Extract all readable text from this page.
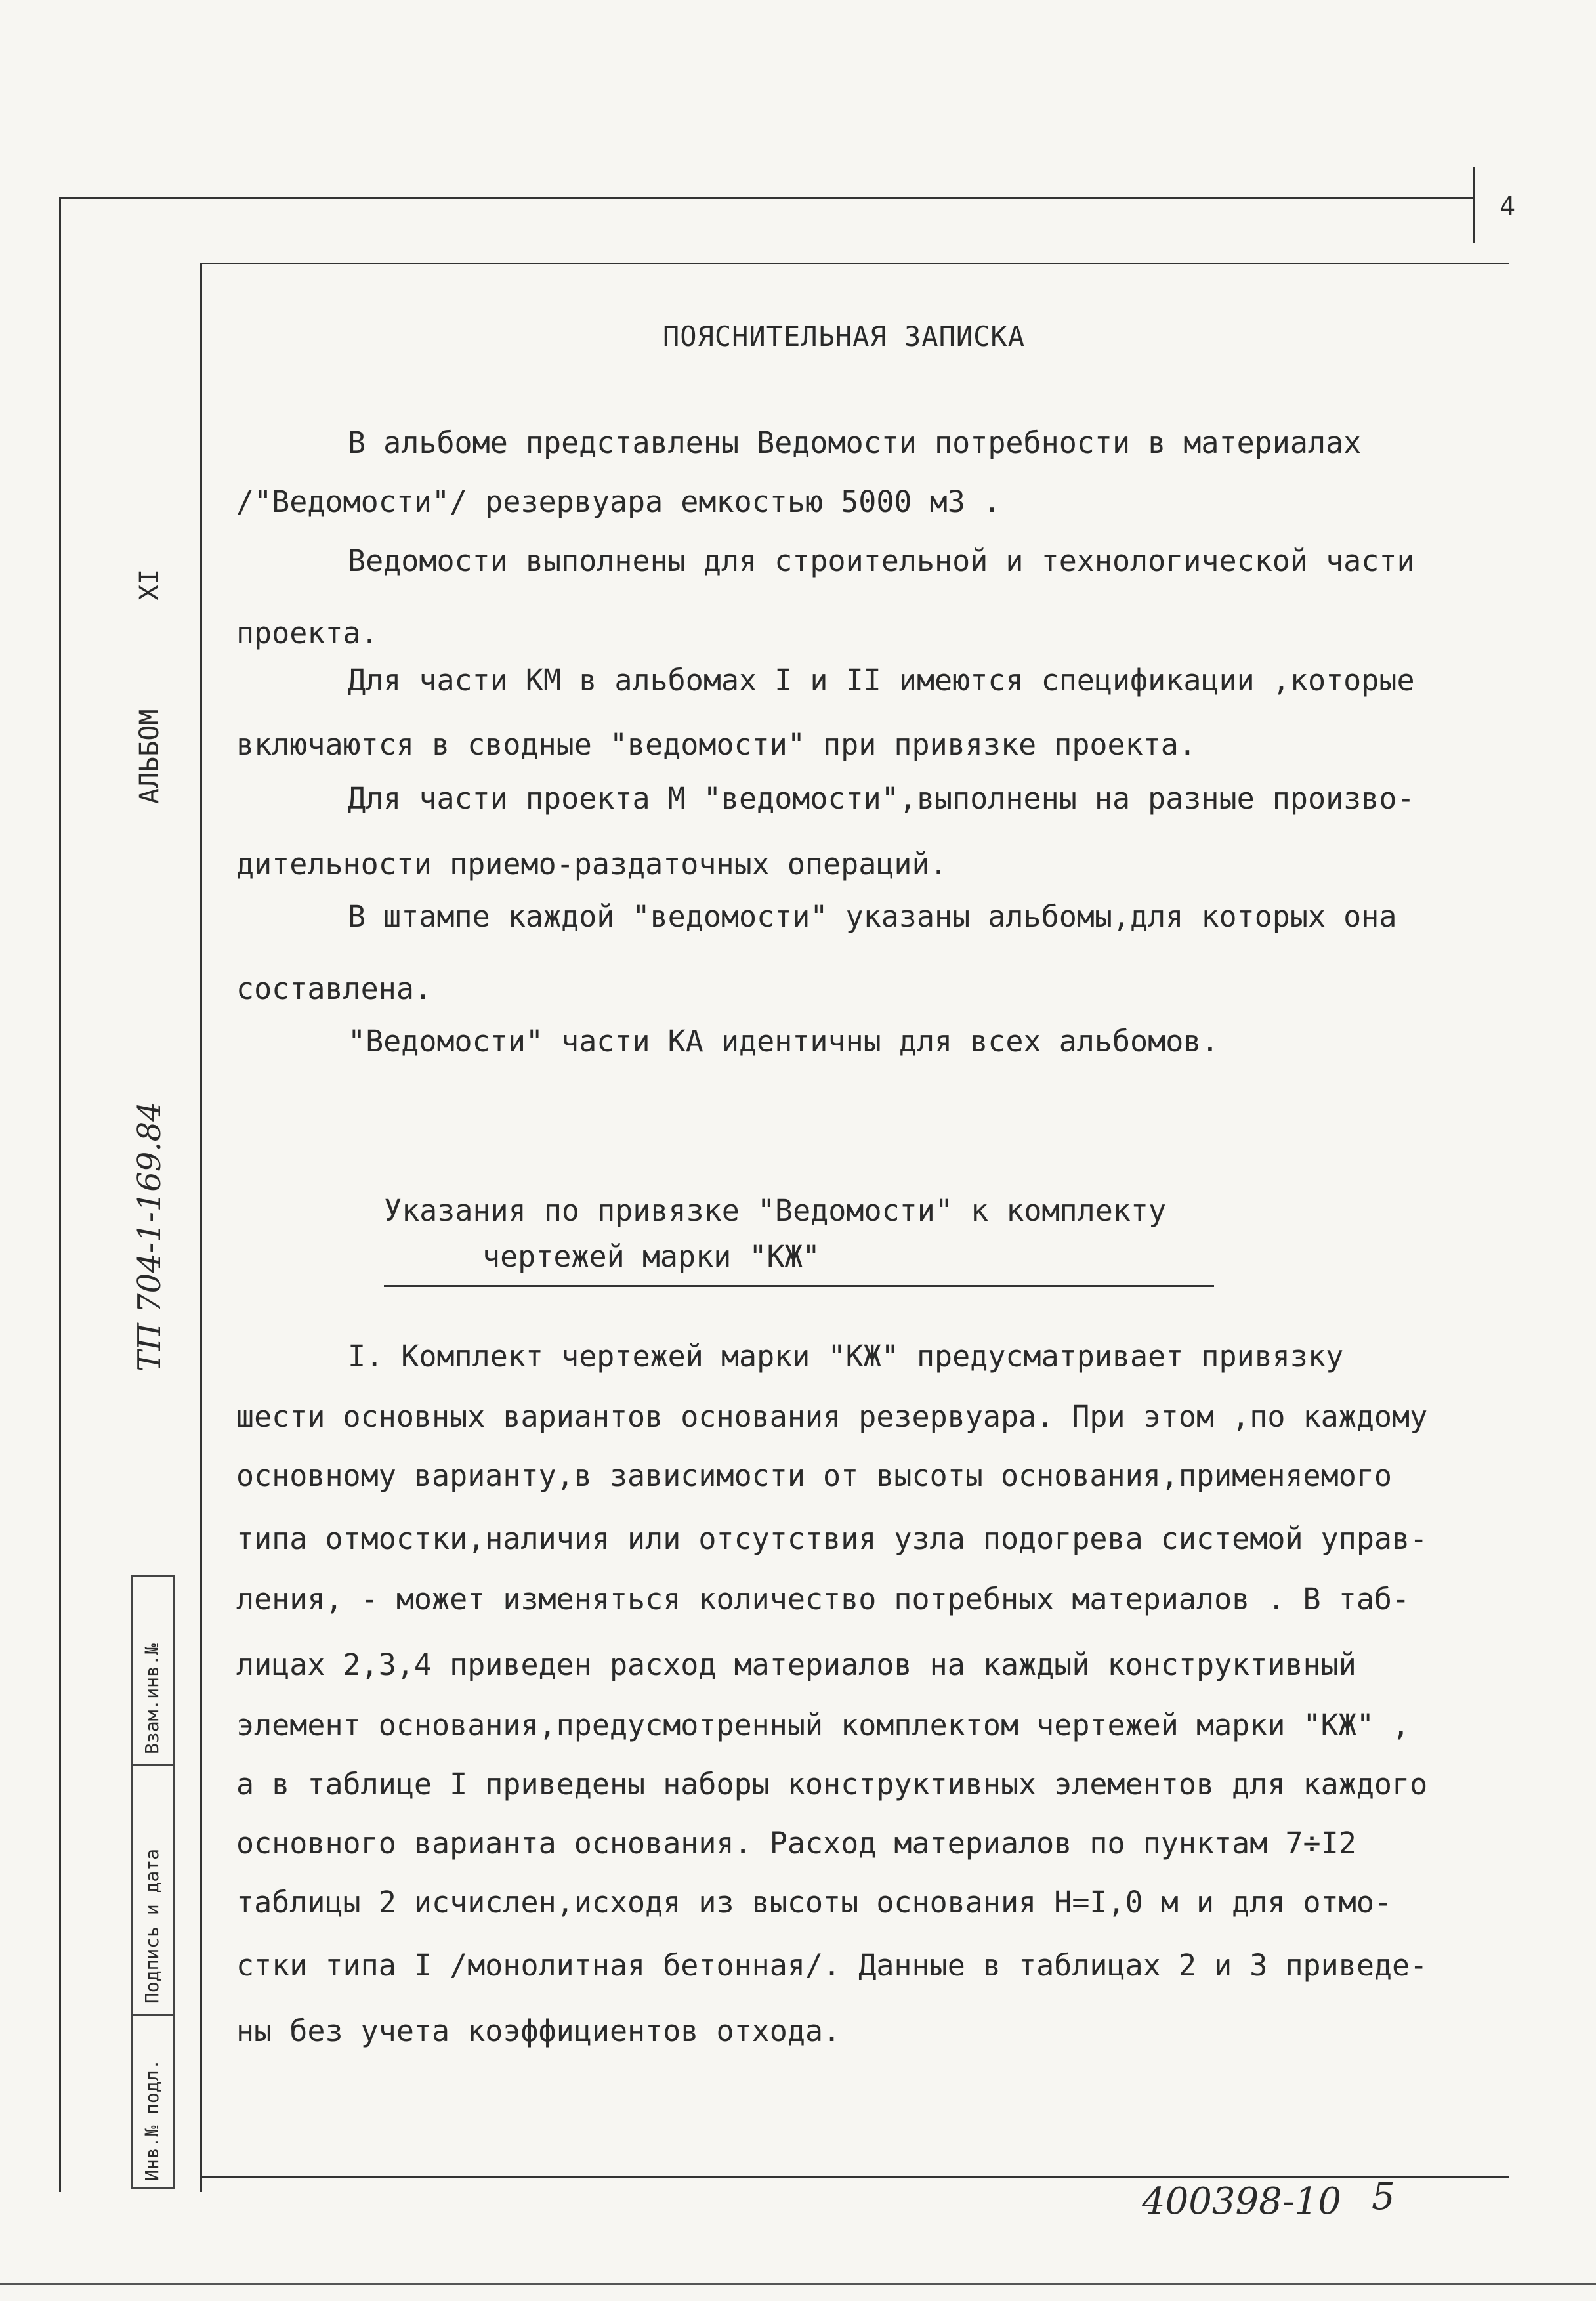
4
XI
АЛЬБОМ
ТП 704-1-169.84
Взам.инв.№
Подпись и дата
Инв.№ подл.
ПОЯСНИТЕЛЬНАЯ ЗАПИСКА
В альбоме представлены Ведомости потребности в материалах
/"Ведомости"/ резервуара емкостью 5000 м3 .
Ведомости выполнены для строительной и технологической части
проекта.
Для части КМ в альбомах I и II имеются спецификации ,которые
включаются в сводные "ведомости" при привязке проекта.
Для части проекта М "ведомости",выполнены на разные произво-
дительности приемо-раздаточных операций.
В штампе каждой "ведомости" указаны альбомы,для которых она
составлена.
"Ведомости" части КА идентичны для всех альбомов.
Указания по привязке "Ведомости" к комплекту
чертежей марки "КЖ"
I. Комплект чертежей марки "КЖ" предусматривает привязку
шести основных вариантов основания резервуара. При этом ,по каждому
основному варианту,в зависимости от высоты основания,применяемого
типа отмостки,наличия или отсутствия узла подогрева системой управ-
ления, - может изменяться количество потребных материалов . В таб-
лицах 2,3,4 приведен расход материалов на каждый конструктивный
элемент основания,предусмотренный комплектом чертежей марки "КЖ" ,
а в таблице I приведены наборы конструктивных элементов для каждого
основного варианта основания. Расход материалов по пунктам 7÷I2
таблицы 2 исчислен,исходя из высоты основания Н=I,0 м и для отмо-
стки типа I /монолитная бетонная/. Данные в таблицах 2 и 3 приведе-
ны без учета коэффициентов отхода.
400398-10 5
